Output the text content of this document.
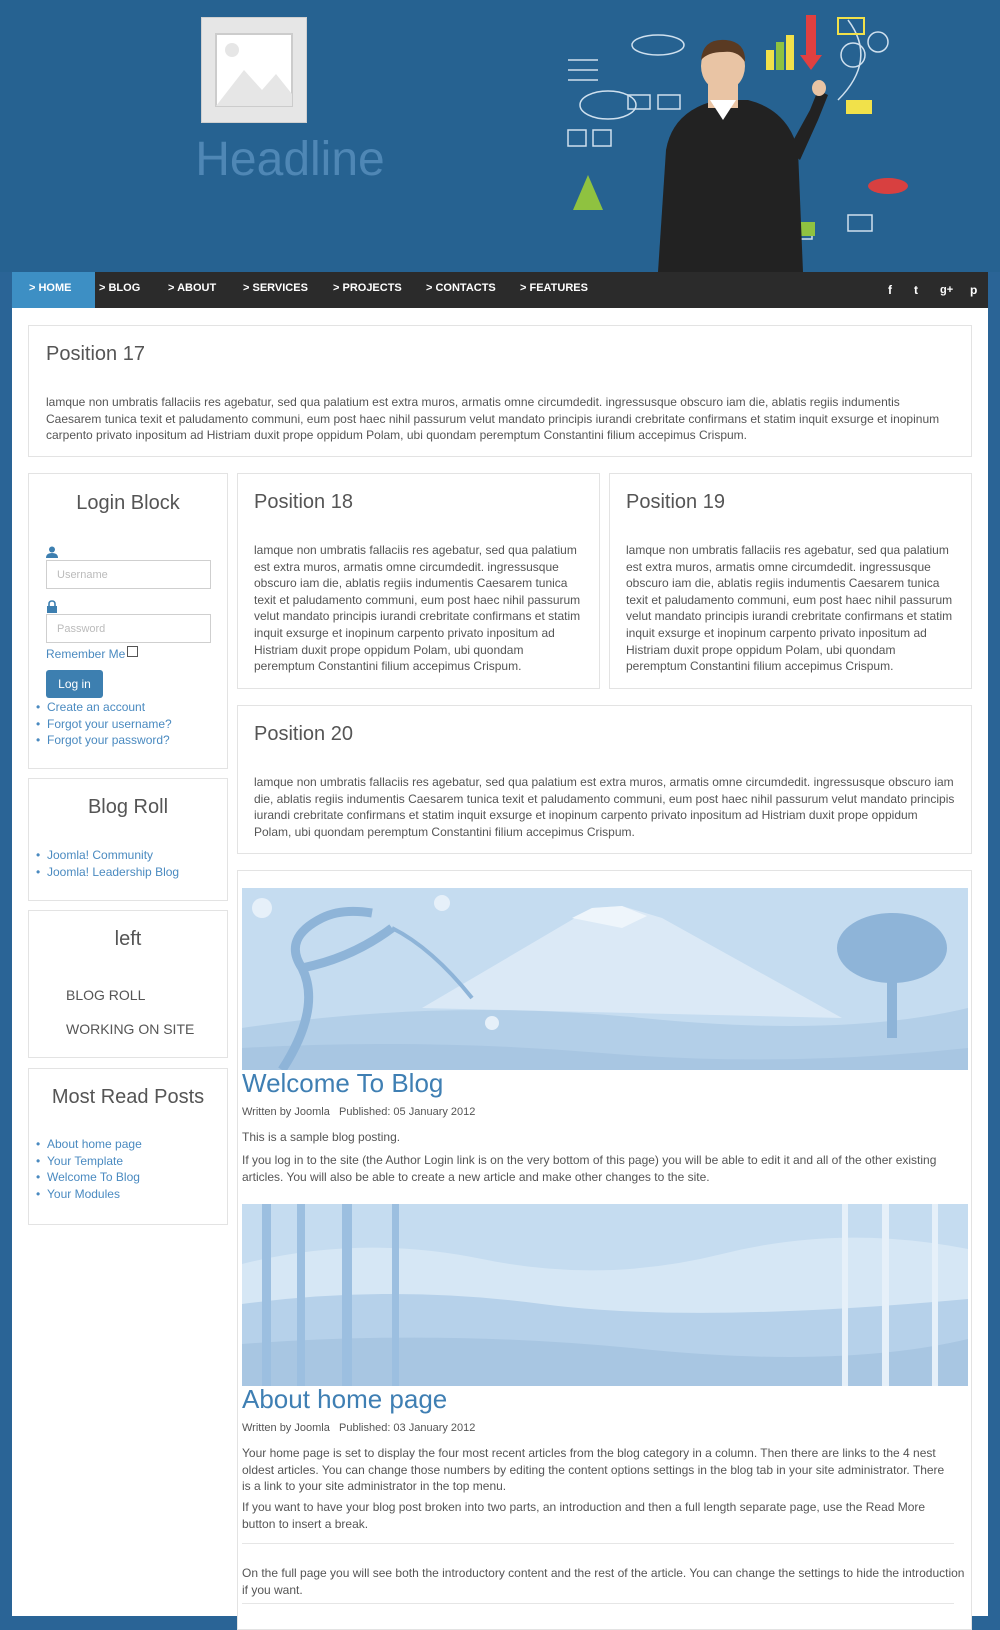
Headline
> HOME	> BLOG	> ABOUT > SERVICES > PROJECTS > CONTACTS > FEATURES	f t g+ p
Position 17

lamque non umbratis fallaciis res agebatur, sed qua palatium est extra muros, armatis omne circumdedit. ingressusque obscuro iam die, ablatis regiis indumentis Caesarem tunica texit et paludamento communi, eum post haec nihil passurum velut mandato principis iurandi crebritate confirmans et statim inquit exsurge et inopinum carpento privato inpositum ad Histriam duxit prope oppidum Polam, ubi quondam peremptum Constantini filium accepimus Crispum.

Login Block
Username
Password
Remember Me
Log in
• Create an account
• Forgot your username?
• Forgot your password?
Blog Roll
• Joomla! Community
• Joomla! Leadership Blog
left
BLOG ROLL
WORKING ON SITE
Most Read Posts
• About home page
• Your Template
• Welcome To Blog
• Your Modules
Position 18

lamque non umbratis fallaciis res agebatur, sed qua palatium est extra muros, armatis omne circumdedit. ingressusque obscuro iam die, ablatis regiis indumentis Caesarem tunica texit et paludamento communi, eum post haec nihil passurum velut mandato principis iurandi crebritate confirmans et statim inquit exsurge et inopinum carpento privato inpositum ad Histriam duxit prope oppidum Polam, ubi quondam peremptum Constantini filium accepimus Crispum.

Position 19

lamque non umbratis fallaciis res agebatur, sed qua palatium est extra muros, armatis omne circumdedit. ingressusque obscuro iam die, ablatis regiis indumentis Caesarem tunica texit et paludamento communi, eum post haec nihil passurum velut mandato principis iurandi crebritate confirmans et statim inquit exsurge et inopinum carpento privato inpositum ad Histriam duxit prope oppidum Polam, ubi quondam peremptum Constantini filium accepimus Crispum.

Position 20

lamque non umbratis fallaciis res agebatur, sed qua palatium est extra muros, armatis omne circumdedit. ingressusque obscuro iam die, ablatis regiis indumentis Caesarem tunica texit et paludamento communi, eum post haec nihil passurum velut mandato principis iurandi crebritate confirmans et statim inquit exsurge et inopinum carpento privato inpositum ad Histriam duxit prope oppidum Polam, ubi quondam peremptum Constantini filium accepimus Crispum.

Welcome To Blog
Written by Joomla Published: 05 January 2012

This is a sample blog posting.

If you log in to the site (the Author Login link is on the very bottom of this page) you will be able to edit it and all of the other existing articles. You will also be able to create a new article and make other changes to the site.

About home page
Written by Joomla Published: 03 January 2012

Your home page is set to display the four most recent articles from the blog category in a column. Then there are links to the 4 nest oldest articles. You can change those numbers by editing the content options settings in the blog tab in your site administrator. There is a link to your site administrator in the top menu.

If you want to have your blog post broken into two parts, an introduction and then a full length separate page, use the Read More button to insert a break.

On the full page you will see both the introductory content and the rest of the article. You can change the settings to hide the introduction if you want.
